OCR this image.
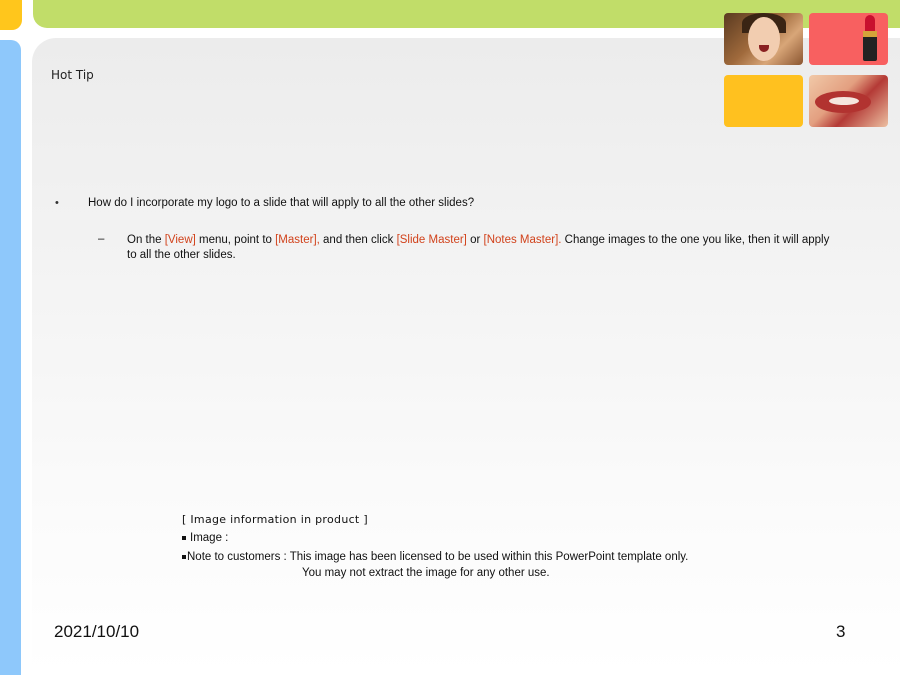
Hot Tip
•	How do I incorporate my logo to a slide that will apply to all the other slides?
– On the [View] menu, point to [Master], and then click [Slide Master] or [Notes Master]. Change images to the one you like, then it will apply to all the other slides.
[ Image information in product ]
Image :
Note to customers : This image has been licensed to be used within this PowerPoint template only.
You may not extract the image for any other use.
2021/10/10	3
